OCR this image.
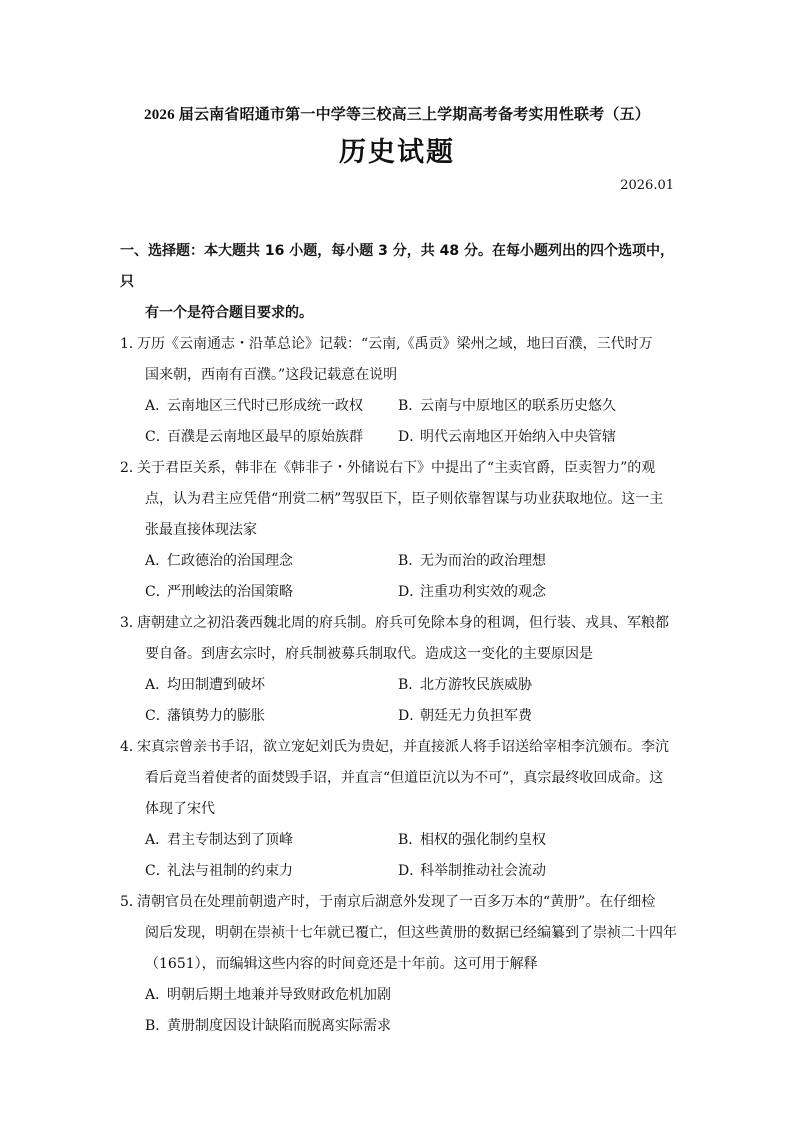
2026 届云南省昭通市第一中学等三校高三上学期高考备考实用性联考（五）
历史试题
2026.01
一、选择题：本大题共 16 小题，每小题 3 分，共 48 分。在每小题列出的四个选项中，只
有一个是符合题目要求的。
1．万历《云南通志・沿革总论》记载：“云南,《禹贡》梁州之域，地曰百濮，三代时万
国来朝，西南有百濮。”这段记载意在说明
A．云南地区三代时已形成统一政权	B．云南与中原地区的联系历史悠久
C．百濮是云南地区最早的原始族群	D．明代云南地区开始纳入中央管辖
2．关于君臣关系，韩非在《韩非子・外储说右下》中提出了“主卖官爵，臣卖智力”的观
点，认为君主应凭借“刑赏二柄”驾驭臣下，臣子则依靠智谋与功业获取地位。这一主
张最直接体现法家
A．仁政德治的治国理念	B．无为而治的政治理想
C．严刑峻法的治国策略	D．注重功利实效的观念
3．唐朝建立之初沿袭西魏北周的府兵制。府兵可免除本身的租调，但行装、戎具、军粮都
要自备。到唐玄宗时，府兵制被募兵制取代。造成这一变化的主要原因是
A．均田制遭到破坏	B．北方游牧民族威胁
C．藩镇势力的膨胀	D．朝廷无力负担军费
4．宋真宗曾亲书手诏，欲立宠妃刘氏为贵妃，并直接派人将手诏送给宰相李沆颁布。李沆
看后竟当着使者的面焚毁手诏，并直言“但道臣沆以为不可”，真宗最终收回成命。这
体现了宋代
A．君主专制达到了顶峰	B．相权的强化制约皇权
C．礼法与祖制的约束力	D．科举制推动社会流动
5．清朝官员在处理前朝遗产时，于南京后湖意外发现了一百多万本的“黄册”。在仔细检
阅后发现，明朝在崇祯十七年就已覆亡，但这些黄册的数据已经编纂到了崇祯二十四年
（1651），而编辑这些内容的时间竟还是十年前。这可用于解释
A．明朝后期土地兼并导致财政危机加剧
B．黄册制度因设计缺陷而脱离实际需求
